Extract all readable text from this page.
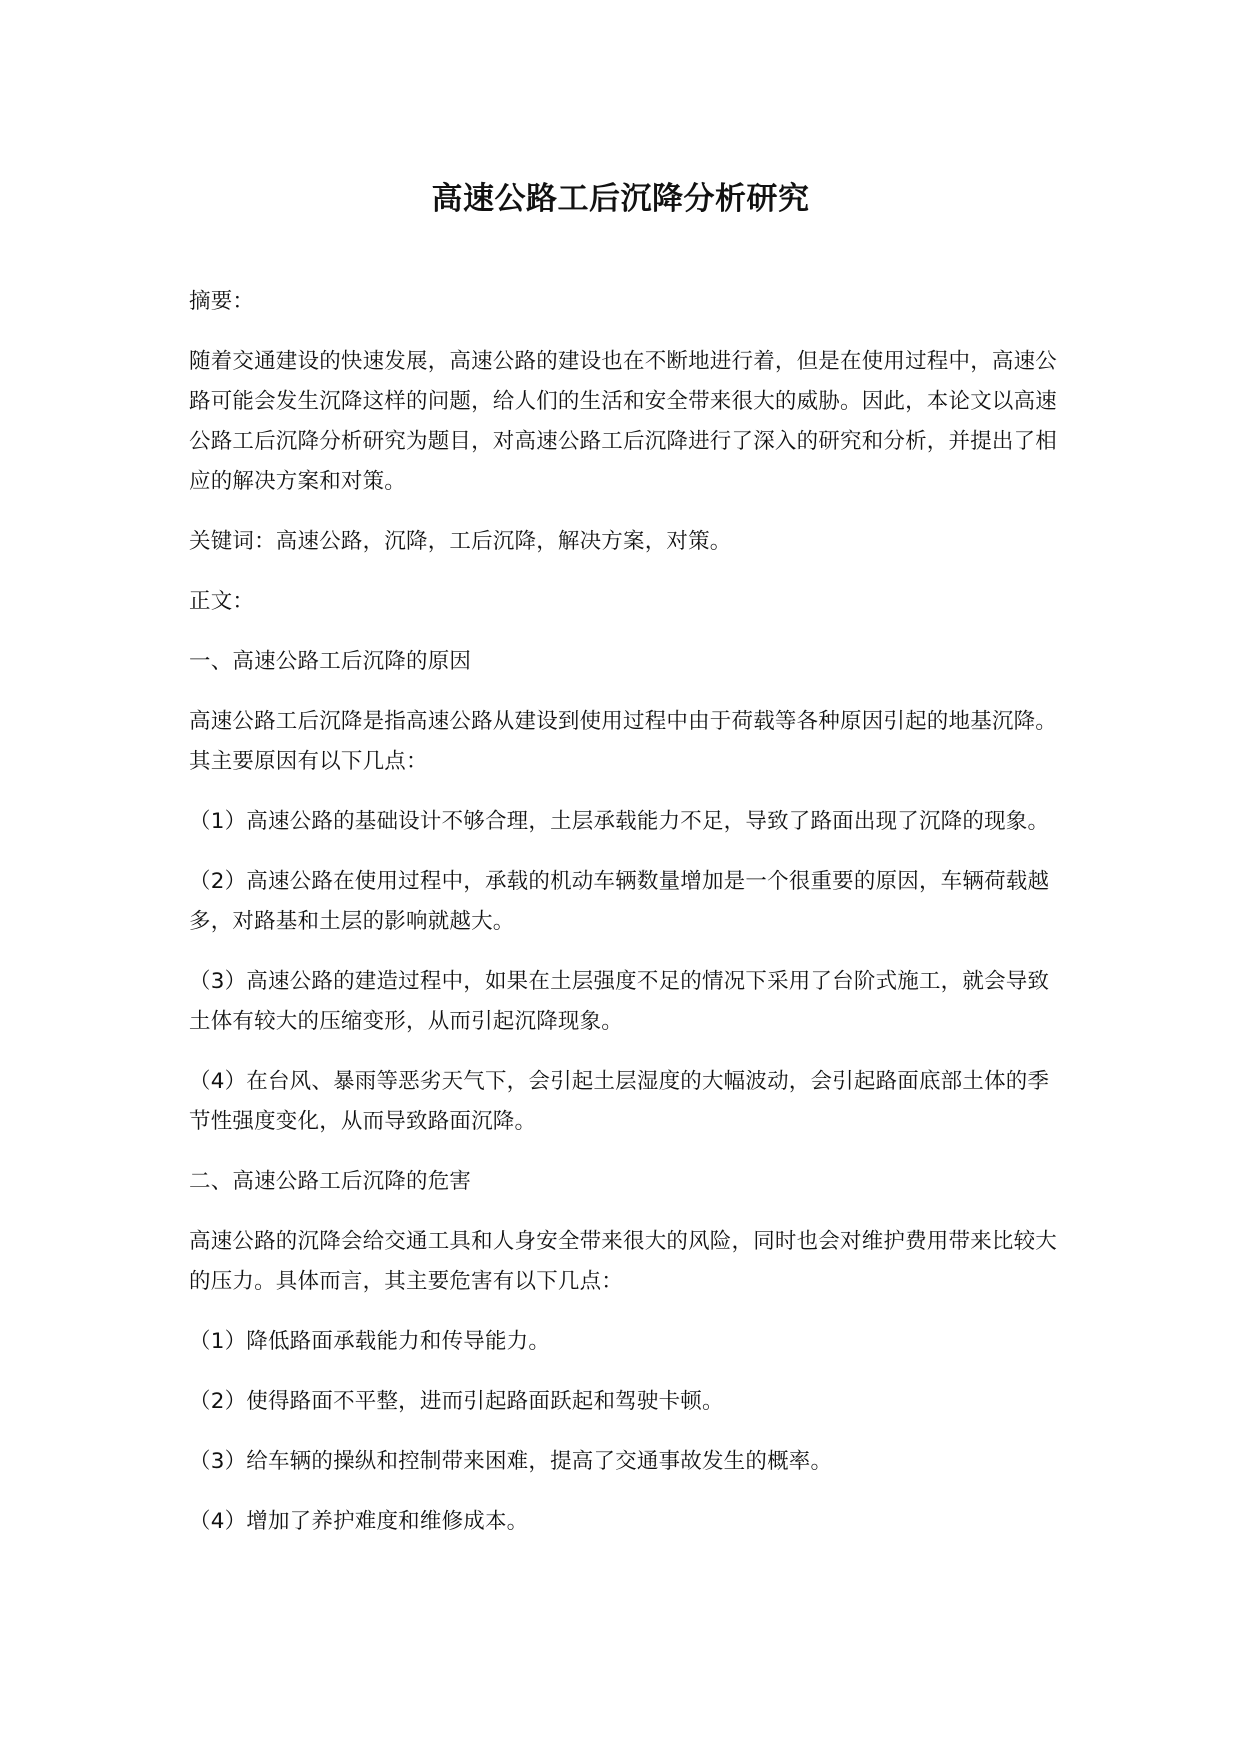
高速公路工后沉降分析研究

摘要：

随着交通建设的快速发展，高速公路的建设也在不断地进行着，但是在使用过程中，高速公路可能会发生沉降这样的问题，给人们的生活和安全带来很大的威胁。因此，本论文以高速公路工后沉降分析研究为题目，对高速公路工后沉降进行了深入的研究和分析，并提出了相应的解决方案和对策。

关键词：高速公路，沉降，工后沉降，解决方案，对策。

正文：

一、高速公路工后沉降的原因

高速公路工后沉降是指高速公路从建设到使用过程中由于荷载等各种原因引起的地基沉降。其主要原因有以下几点：

（1）高速公路的基础设计不够合理，土层承载能力不足，导致了路面出现了沉降的现象。

（2）高速公路在使用过程中，承载的机动车辆数量增加是一个很重要的原因，车辆荷载越多，对路基和土层的影响就越大。

（3）高速公路的建造过程中，如果在土层强度不足的情况下采用了台阶式施工，就会导致土体有较大的压缩变形，从而引起沉降现象。

（4）在台风、暴雨等恶劣天气下，会引起土层湿度的大幅波动，会引起路面底部土体的季节性强度变化，从而导致路面沉降。

二、高速公路工后沉降的危害

高速公路的沉降会给交通工具和人身安全带来很大的风险，同时也会对维护费用带来比较大的压力。具体而言，其主要危害有以下几点：

（1）降低路面承载能力和传导能力。

（2）使得路面不平整，进而引起路面跃起和驾驶卡顿。

（3）给车辆的操纵和控制带来困难，提高了交通事故发生的概率。

（4）增加了养护难度和维修成本。
